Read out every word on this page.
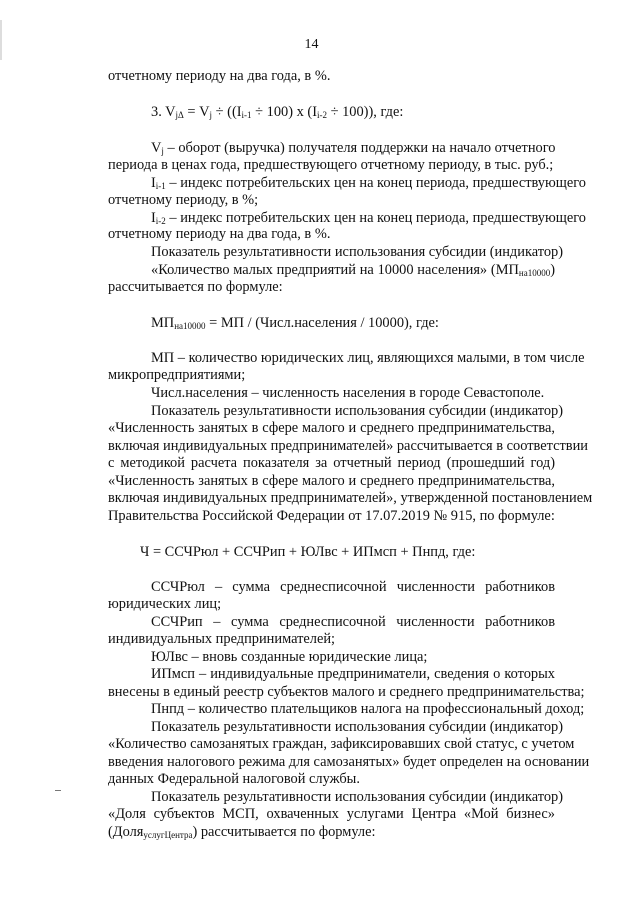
14
отчетному периоду на два года, в %.
3. $V_{j\Delta} = V_j \div ((I_{i-1} \div 100)$ х $(I_{i-2} \div 100)$), где:
$V_j$ – оборот (выручка) получателя поддержки на начало отчетного
периода в ценах года, предшествующего отчетному периоду, в тыс. руб.;
$I_{i-1}$ – индекс потребительских цен на конец периода, предшествующего
отчетному периоду, в %;
$I_{i-2}$ – индекс потребительских цен на конец периода, предшествующего
отчетному периоду на два года, в %.
Показатель результативности использования субсидии (индикатор)
«Количество малых предприятий на 10000 населения» $(МП_{на10000})$
рассчитывается по формуле:
$МП_{на10000}$ = МП / (Числ.населения / 10000), где:
МП – количество юридических лиц, являющихся малыми, в том числе
микропредприятиями;
Числ.населения – численность населения в городе Севастополе.
Показатель результативности использования субсидии (индикатор)
«Численность занятых в сфере малого и среднего предпринимательства,
включая индивидуальных предпринимателей» рассчитывается в соответствии
с методикой расчета показателя за отчетный период (прошедший год)
«Численность занятых в сфере малого и среднего предпринимательства,
включая индивидуальных предпринимателей», утвержденной постановлением
Правительства Российской Федерации от 17.07.2019 № 915, по формуле:
Ч = ССЧРюл + ССЧРип + ЮЛвс + ИПмсп + Пнпд, где:
ССЧРюл – сумма среднесписочной численности работников
юридических лиц;
ССЧРип – сумма среднесписочной численности работников
индивидуальных предпринимателей;
ЮЛвс – вновь созданные юридические лица;
ИПмсп – индивидуальные предприниматели, сведения о которых
внесены в единый реестр субъектов малого и среднего предпринимательства;
Пнпд – количество плательщиков налога на профессиональный доход;
Показатель результативности использования субсидии (индикатор)
«Количество самозанятых граждан, зафиксировавших свой статус, с учетом
введения налогового режима для самозанятых» будет определен на основании
данных Федеральной налоговой службы.
Показатель результативности использования субсидии (индикатор)
«Доля субъектов МСП, охваченных услугами Центра «Мой бизнес»
(Доля$_{услугЦентра}$) рассчитывается по формуле:
